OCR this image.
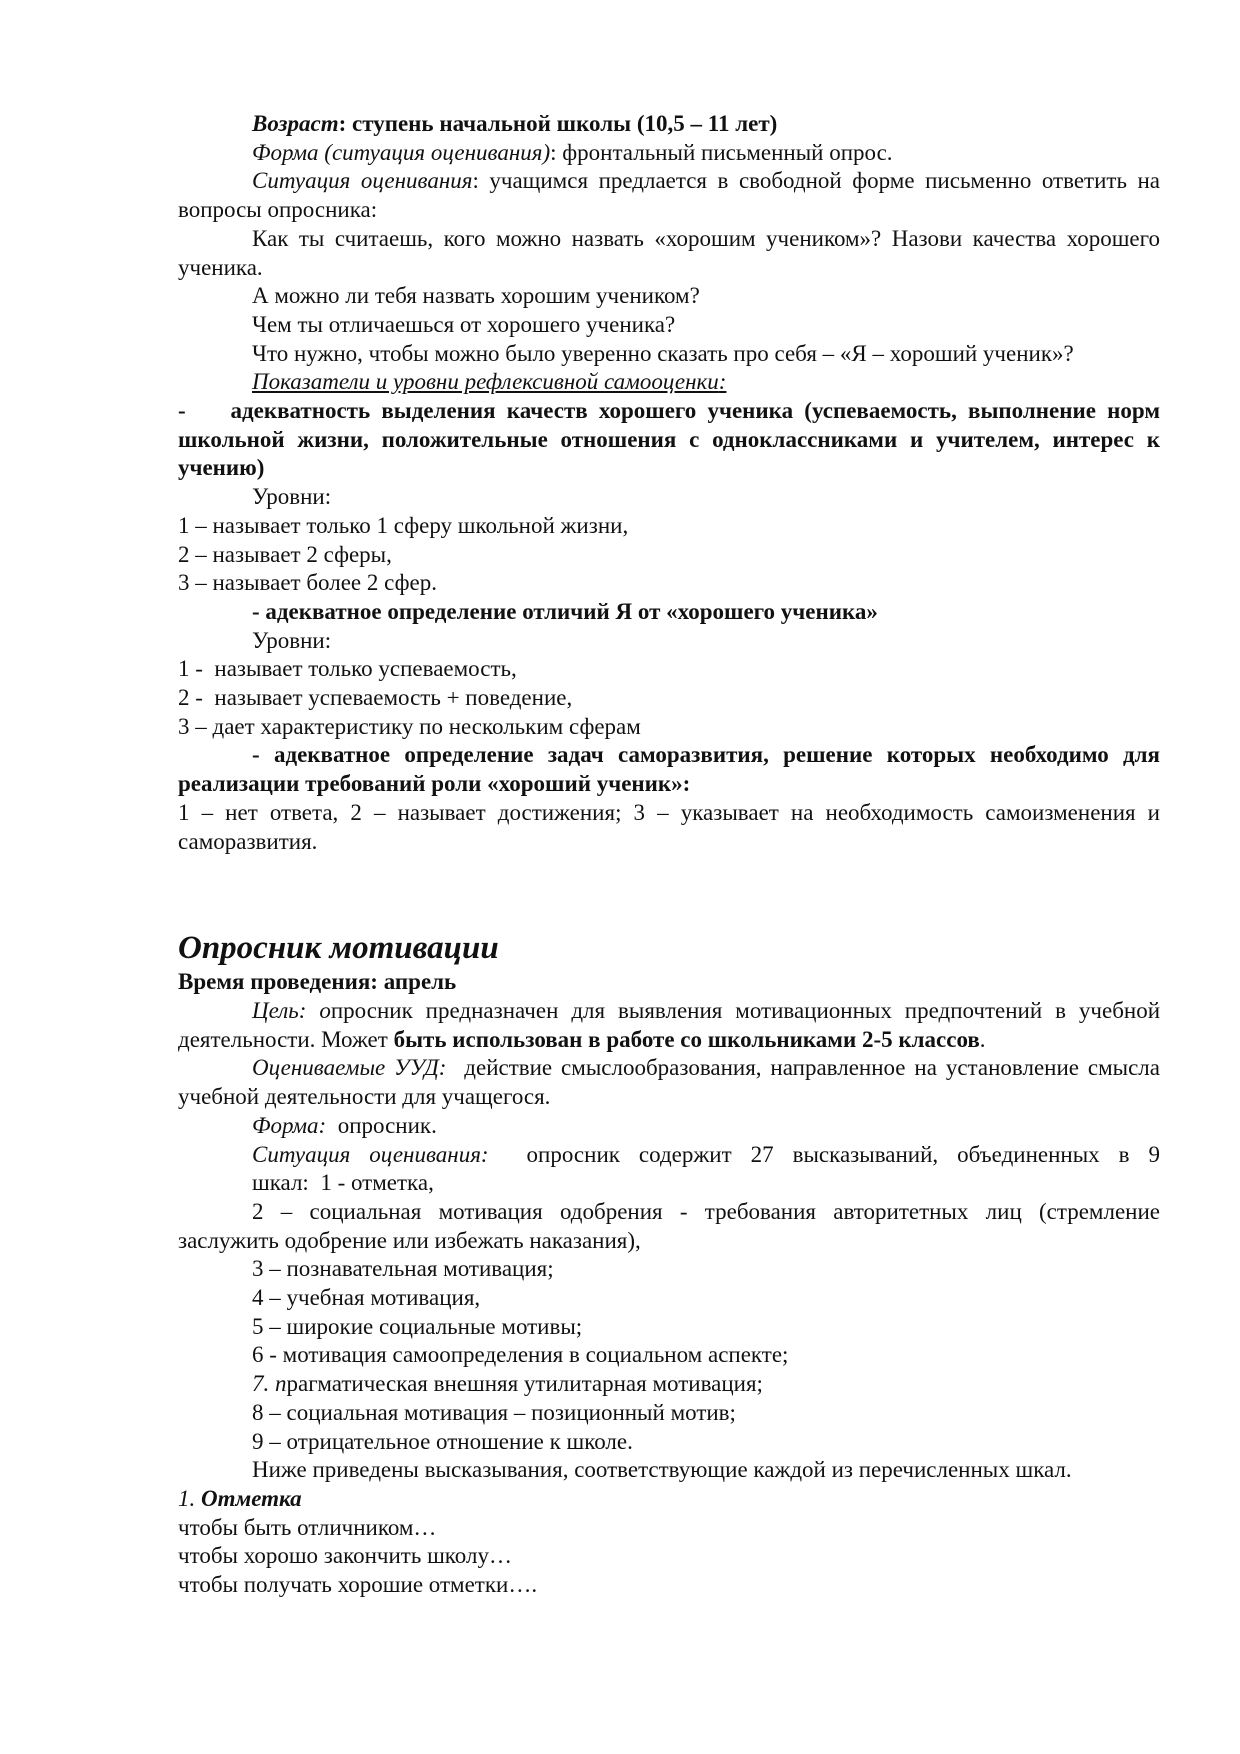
Возраст: ступень начальной школы (10,5 – 11 лет)

Форма (ситуация оценивания): фронтальный письменный опрос.

Ситуация оценивания: учащимся предлается в свободной форме письменно ответить на вопросы опросника:

Как ты считаешь, кого можно назвать «хорошим учеником»? Назови качества хорошего ученика.

А можно ли тебя назвать хорошим учеником?

Чем ты отличаешься от хорошего ученика?

Что нужно, чтобы можно было уверенно сказать про себя – «Я – хороший ученик»?

Показатели и уровни рефлексивной самооценки:

-    адекватность выделения качеств хорошего ученика (успеваемость, выполнение норм школьной жизни, положительные отношения с одноклассниками и учителем, интерес к учению)

Уровни:

1 – называет только 1 сферу школьной жизни,

2 – называет 2 сферы,

3 – называет более 2 сфер.

- адекватное определение отличий Я от «хорошего ученика»

Уровни:

1 -  называет только успеваемость,

2 -  называет успеваемость + поведение,

3 – дает характеристику по нескольким сферам

- адекватное определение задач саморазвития, решение которых необходимо для реализации требований роли «хороший ученик»:

1 – нет ответа, 2 – называет достижения; 3 – указывает на необходимость самоизменения и саморазвития.

Опросник мотивации

Время проведения: апрель

Цель: опросник предназначен для выявления мотивационных предпочтений в учебной деятельности. Может быть использован в работе со школьниками 2-5 классов.

Оцениваемые УУД:  действие смыслообразования, направленное на установление смысла учебной деятельности для учащегося.

Форма:  опросник.

Ситуация оценивания:  опросник содержит 27 высказываний, объединенных в 9

шкал:  1 - отметка,

2 – социальная мотивация одобрения - требования авторитетных лиц (стремление заслужить одобрение или избежать наказания),

3 – познавательная мотивация;

4 – учебная мотивация,

5 – широкие социальные мотивы;

6 - мотивация самоопределения в социальном аспекте;

7. прагматическая внешняя утилитарная мотивация;

8 – социальная мотивация – позиционный мотив;

9 – отрицательное отношение к школе.

Ниже приведены высказывания, соответствующие каждой из перечисленных шкал.

1. Отметка

чтобы быть отличником…

чтобы хорошо закончить школу…

чтобы получать хорошие отметки….
